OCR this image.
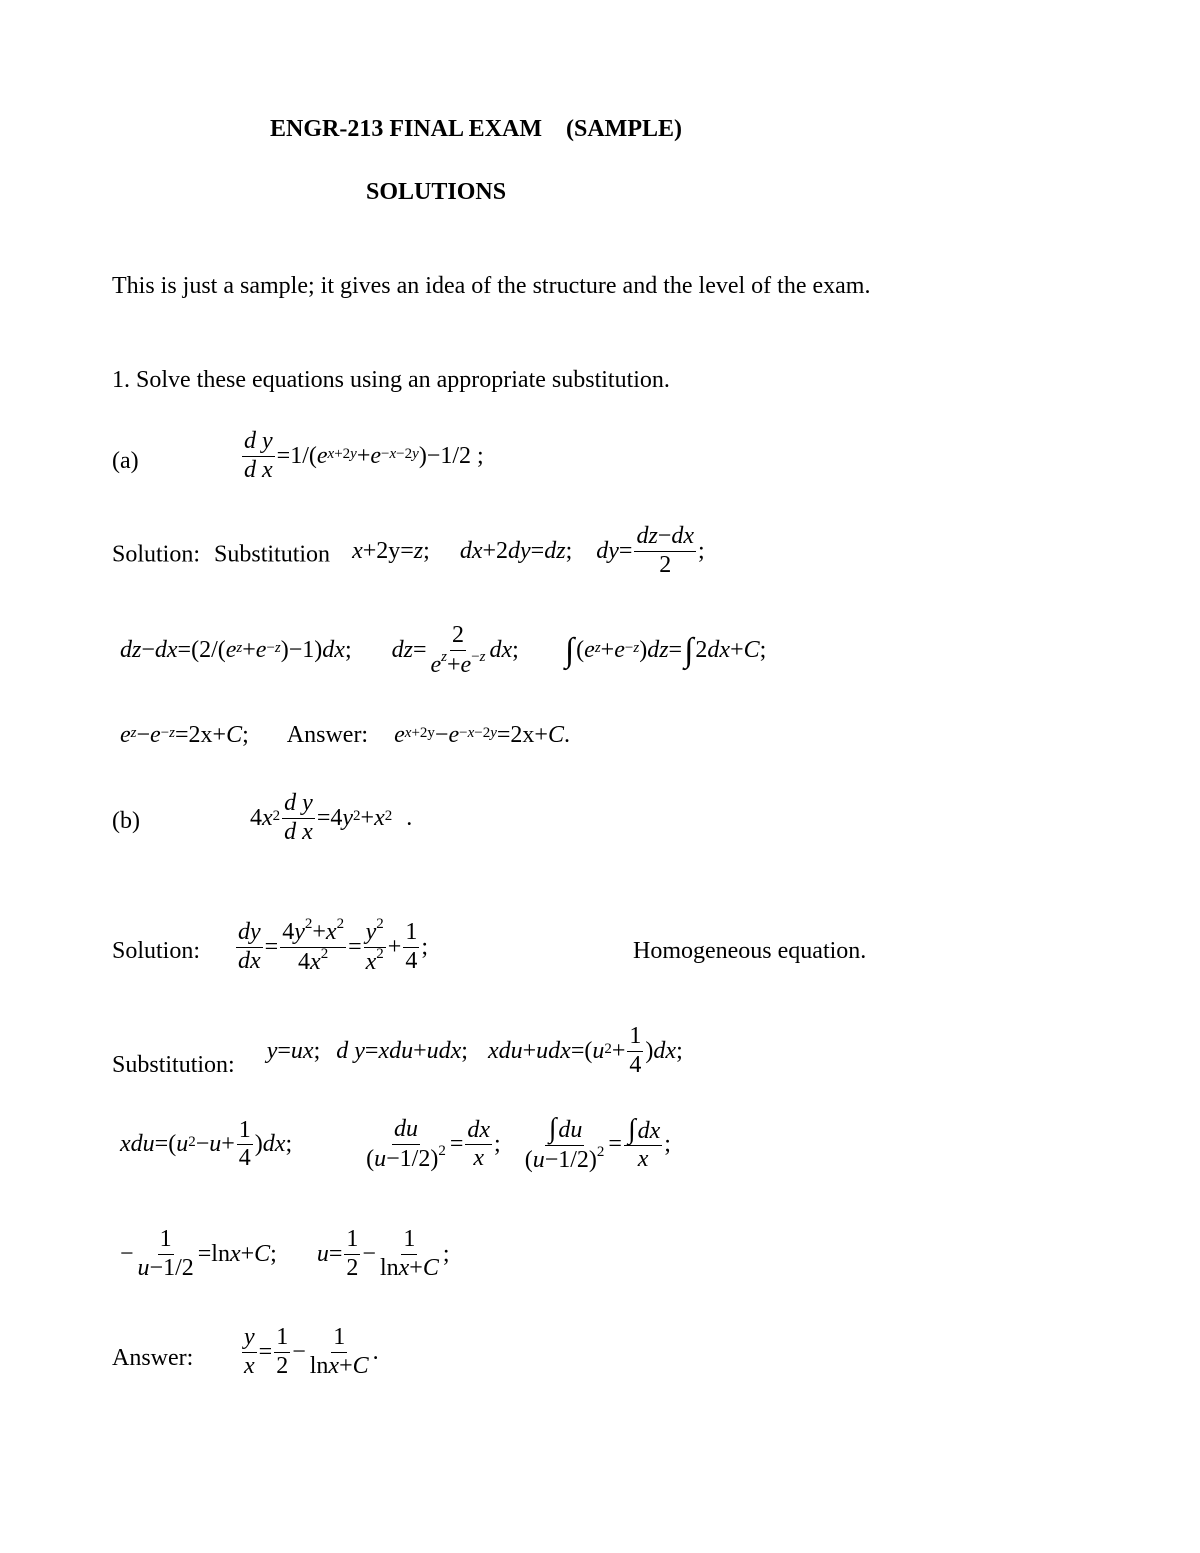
ENGR-213 FINAL EXAM    (SAMPLE)
SOLUTIONS
This is just a sample; it gives an idea of the structure and the level of the exam.
1. Solve these equations using an appropriate substitution.
(a)	$\frac{\text{d y}}{\text{d x}} =1/$( e $^{x+2y} + e^{-x-2y}$ )−1/2 ;
Solution: Substitution x +2y= z ; dx +2 dy = dz ; dy = $\frac{dz-dx}{2}$ ;
dz − dx =(2/( e $^z + e^{-z}$ )−1) dx ; dz = $\frac{2}{e^z+e^{-z}}$ dx ; ∫ ( e $^z + e^{-z}$ ) dz = ∫ 2 dx + C ;
e $^z - e^{-z} =2x+ C$ ; Answer: e $^{x+2y} - e^{-x-2y} =2x+ C$ .
(b)	4 $x^2 \frac{\text{d y}}{\text{d x}} =4$ $y^2 + x^2$ .
Solution: $\frac{dy}{dx} = \frac{4y^2+x^2}{4x^2} = \frac{y^2}{x^2} + \frac{1}{4}$ ;	Homogeneous equation.
Substitution:
y = ux ; d y = xdu + udx ; xdu + udx =( $u^2 + \frac{1}{4}$ ) dx ;
xdu =( $u^2 - u + \frac{1}{4}$ ) dx ;	$\frac{du}{(u-1/2)^2} = \frac{dx}{x}$ ; $\frac{\int du}{(u-1/2)^2} = \frac{\int dx}{x}$ ;
− $\frac{1}{u-1/2} =\ln$ x + C ; $u = \frac{1}{2} - \frac{1}{\ln x+C}$ ;
Answer: $\frac{y}{x} = \frac{1}{2} - \frac{1}{\ln x+C}$ .
